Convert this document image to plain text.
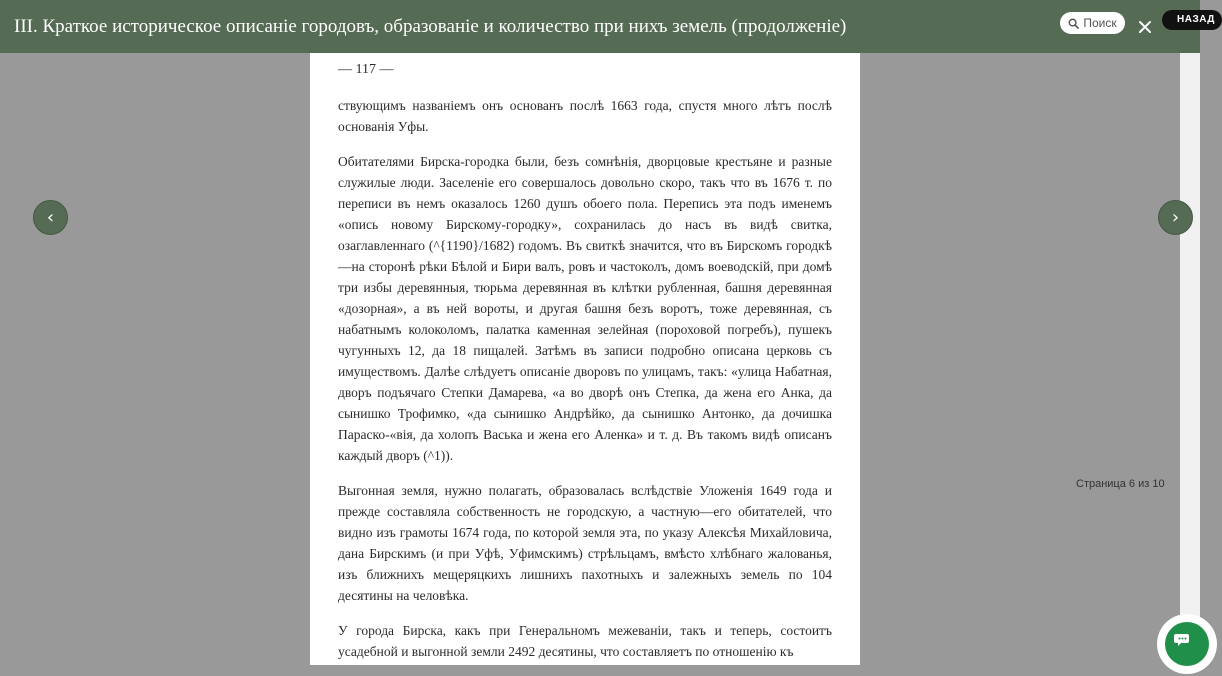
III. Краткое историческое описаніе городовъ, образованіе и количество при нихъ земель (продолженіе)	Поиск	НАЗАД
— 117 —

ствующимъ названіемъ онъ основанъ послѣ 1663 года, спустя много лѣтъ послѣ основанія Уфы.

Обитателями Бирска-городка были, безъ сомнѣнія, дворцовые крестьяне и разные служилые люди. Заселеніе его совершалось довольно скоро, такъ что въ 1676 т. по переписи въ немъ оказалось 1260 душъ обоего пола. Перепись эта подъ именемъ «опись новому Бирскому-городку», сохранилась до насъ въ видѣ свитка, озаглавленнаго (^{1190}/1682) годомъ. Въ свиткѣ значится, что въ Бирскомъ городкѣ—на сторонѣ рѣки Бѣлой и Бири валъ, ровъ и частоколъ, домъ воеводскій, при домѣ три избы деревянныя, тюрьма деревянная въ клѣтки рубленная, башня деревянная «дозорная», а въ ней вороты, и другая башня безъ воротъ, тоже деревянная, съ набатнымъ колоколомъ, палатка каменная зелейная (пороховой погребъ), пушекъ чугунныхъ 12, да 18 пищалей. Затѣмъ въ записи подробно описана церковь съ имуществомъ. Далѣе слѣдуетъ описаніе дворовъ по улицамъ, такъ: «улица Набатная, дворъ подъячаго Степки Дамарева, «а во дворѣ онъ Степка, да жена его Анка, да сынишко Трофимко, «да сынишко Андрѣйко, да сынишко Антонко, да дочишка Параско-«вія, да холопъ Васька и жена его Аленка» и т. д. Въ такомъ видѣ описанъ каждый дворъ (^1)).

Выгонная земля, нужно полагать, образовалась вслѣдствіе Уложенія 1649 года и прежде составляла собственность не городскую, а частную—его обитателей, что видно изъ грамоты 1674 года, по которой земля эта, по указу Алексѣя Михайловича, дана Бирскимъ (и при Уфѣ, Уфимскимъ) стрѣльцамъ, вмѣсто хлѣбнаго жалованья, изъ ближнихъ мещеряцкихъ лишнихъ пахотныхъ и залежныхъ земель по 104 десятины на человѣка.

У города Бирска, какъ при Генеральномъ межеваніи, такъ и теперь, состоитъ усадебной и выгонной земли 2492 десятины, что составляетъ по отношенію къ

‹	›
Страница 6 из 10
